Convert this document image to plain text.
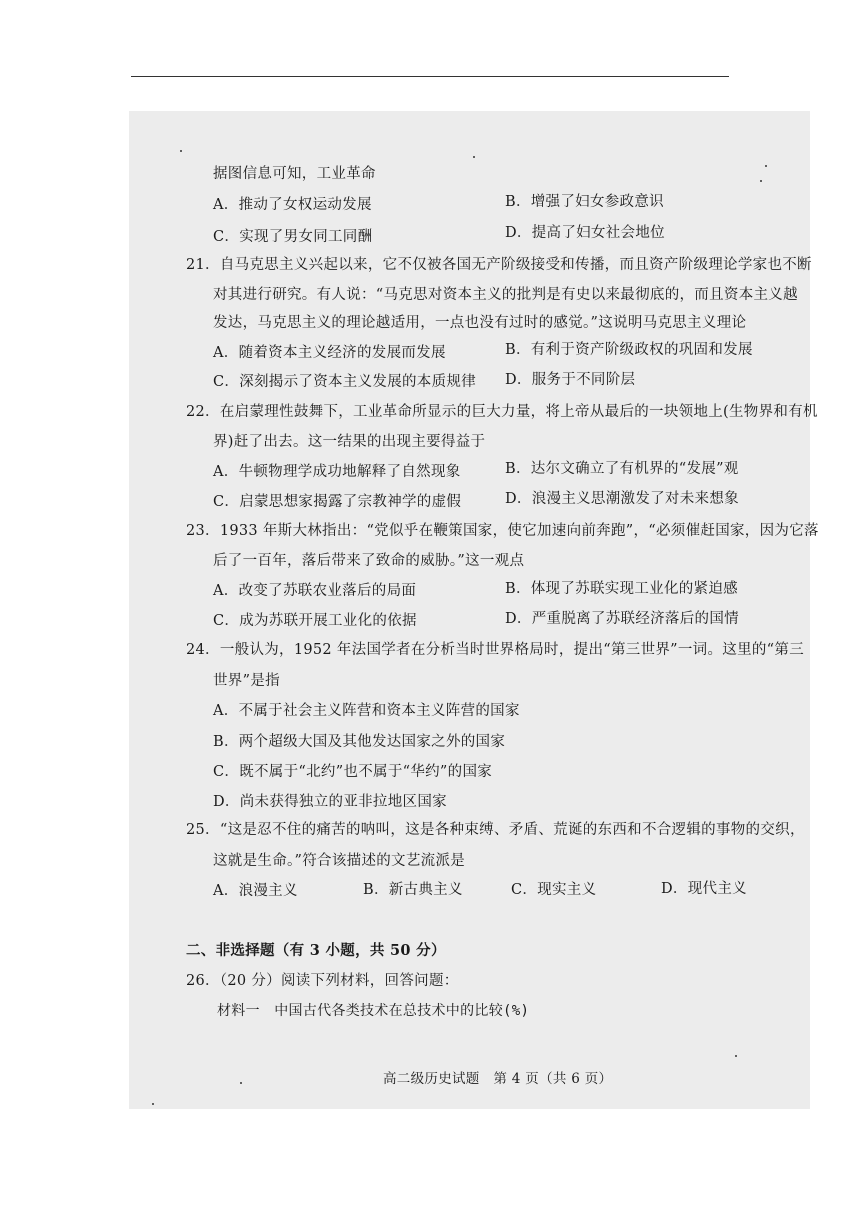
据图信息可知，工业革命
A．推动了女权运动发展	B．增强了妇女参政意识
C．实现了男女同工同酬	D．提高了妇女社会地位
21．自马克思主义兴起以来，它不仅被各国无产阶级接受和传播，而且资产阶级理论学家也不断
对其进行研究。有人说：“马克思对资本主义的批判是有史以来最彻底的，而且资本主义越
发达，马克思主义的理论越适用，一点也没有过时的感觉。”这说明马克思主义理论
A．随着资本主义经济的发展而发展	B．有利于资产阶级政权的巩固和发展
C．深刻揭示了资本主义发展的本质规律 D．服务于不同阶层
22．在启蒙理性鼓舞下，工业革命所显示的巨大力量，将上帝从最后的一块领地上(生物界和有机
界)赶了出去。这一结果的出现主要得益于
A．牛顿物理学成功地解释了自然现象	B．达尔文确立了有机界的“发展”观
C．启蒙思想家揭露了宗教神学的虚假	D．浪漫主义思潮激发了对未来想象
23．1933 年斯大林指出：“党似乎在鞭策国家，使它加速向前奔跑”，“必须催赶国家，因为它落
后了一百年，落后带来了致命的威胁。”这一观点
A．改变了苏联农业落后的局面	B．体现了苏联实现工业化的紧迫感
C．成为苏联开展工业化的依据	D．严重脱离了苏联经济落后的国情
24．一般认为，1952 年法国学者在分析当时世界格局时，提出“第三世界”一词。这里的“第三
世界”是指
A．不属于社会主义阵营和资本主义阵营的国家
B．两个超级大国及其他发达国家之外的国家
C．既不属于“北约”也不属于“华约”的国家
D．尚未获得独立的亚非拉地区国家
25．“这是忍不住的痛苦的呐叫，这是各种束缚、矛盾、荒诞的东西和不合逻辑的事物的交织，
这就是生命。”符合该描述的文艺流派是
A．浪漫主义	B．新古典主义	C．现实主义	D．现代主义
二、非选择题（有 3 小题，共 50 分）
26．（20 分）阅读下列材料，回答问题：
材料一　中国古代各类技术在总技术中的比较(%)
高二级历史试题　第 4 页（共 6 页）
